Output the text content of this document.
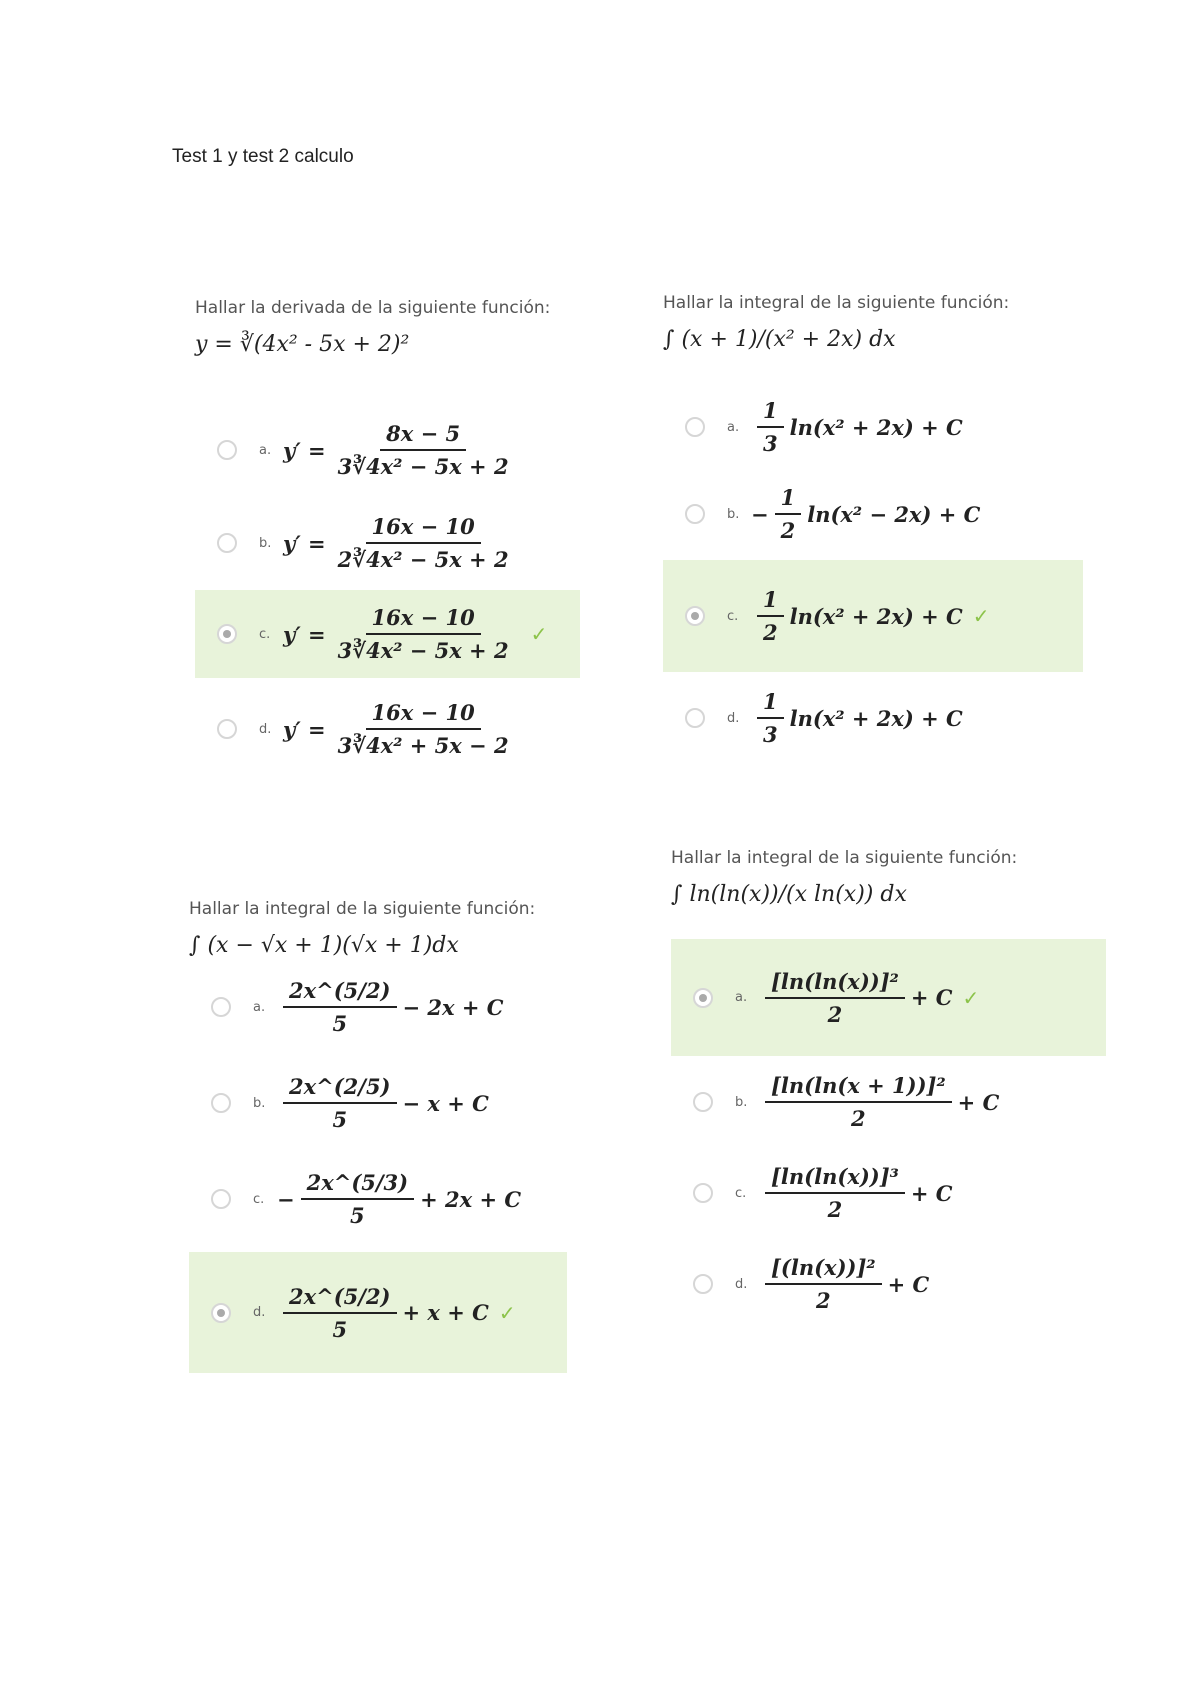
Test 1 y test 2 calculo
Hallar la derivada de la siguiente función:
y = ∛(4x² - 5x + 2)²
a. $y' = \frac{8x - 5}{\text{3∛4x² − 5x + 2}}$
b. $y' = \frac{16x - 10}{\text{2∛4x² − 5x + 2}}$
c. $y' = \frac{16x - 10}{\text{3∛4x² − 5x + 2}}$ ✓
d. $y' = \frac{16x - 10}{\text{3∛4x² + 5x − 2}}$
Hallar la integral de la siguiente función:
∫ (x + 1)/(x² + 2x) dx
a. $\frac{1}{3} \ln(x^2 + 2x) + C$
b. − $\frac{1}{2} \ln(x^2 - 2x) + C$
c. $\frac{1}{2} \ln(x^2 + 2x) + C$ ✓
d. $\frac{1}{3} \ln(x^2 + 2x) + C$
Hallar la integral de la siguiente función:
∫ (x − √x + 1)(√x + 1)dx
a. $\frac{2x\^{}(5/2)}{5} - 2x + C$
b. $\frac{2x\^{}(2/5)}{5} - x + C$
c. − $\frac{2x\^{}(5/3)}{5} + 2x + C$
d. $\frac{2x\^{}(5/2)}{5} + x + C$ ✓
Hallar la integral de la siguiente función:
∫ ln(ln(x))/(x ln(x)) dx
a. $\frac{\text{[ln(ln(x))]²}}{2} + C$ ✓
b. $\frac{\text{[ln(ln(x + 1))]²}}{2} + C$
c. $\frac{\text{[ln(ln(x))]³}}{2} + C$
d. $\frac{\text{[(ln(x))]²}}{2} + C$
